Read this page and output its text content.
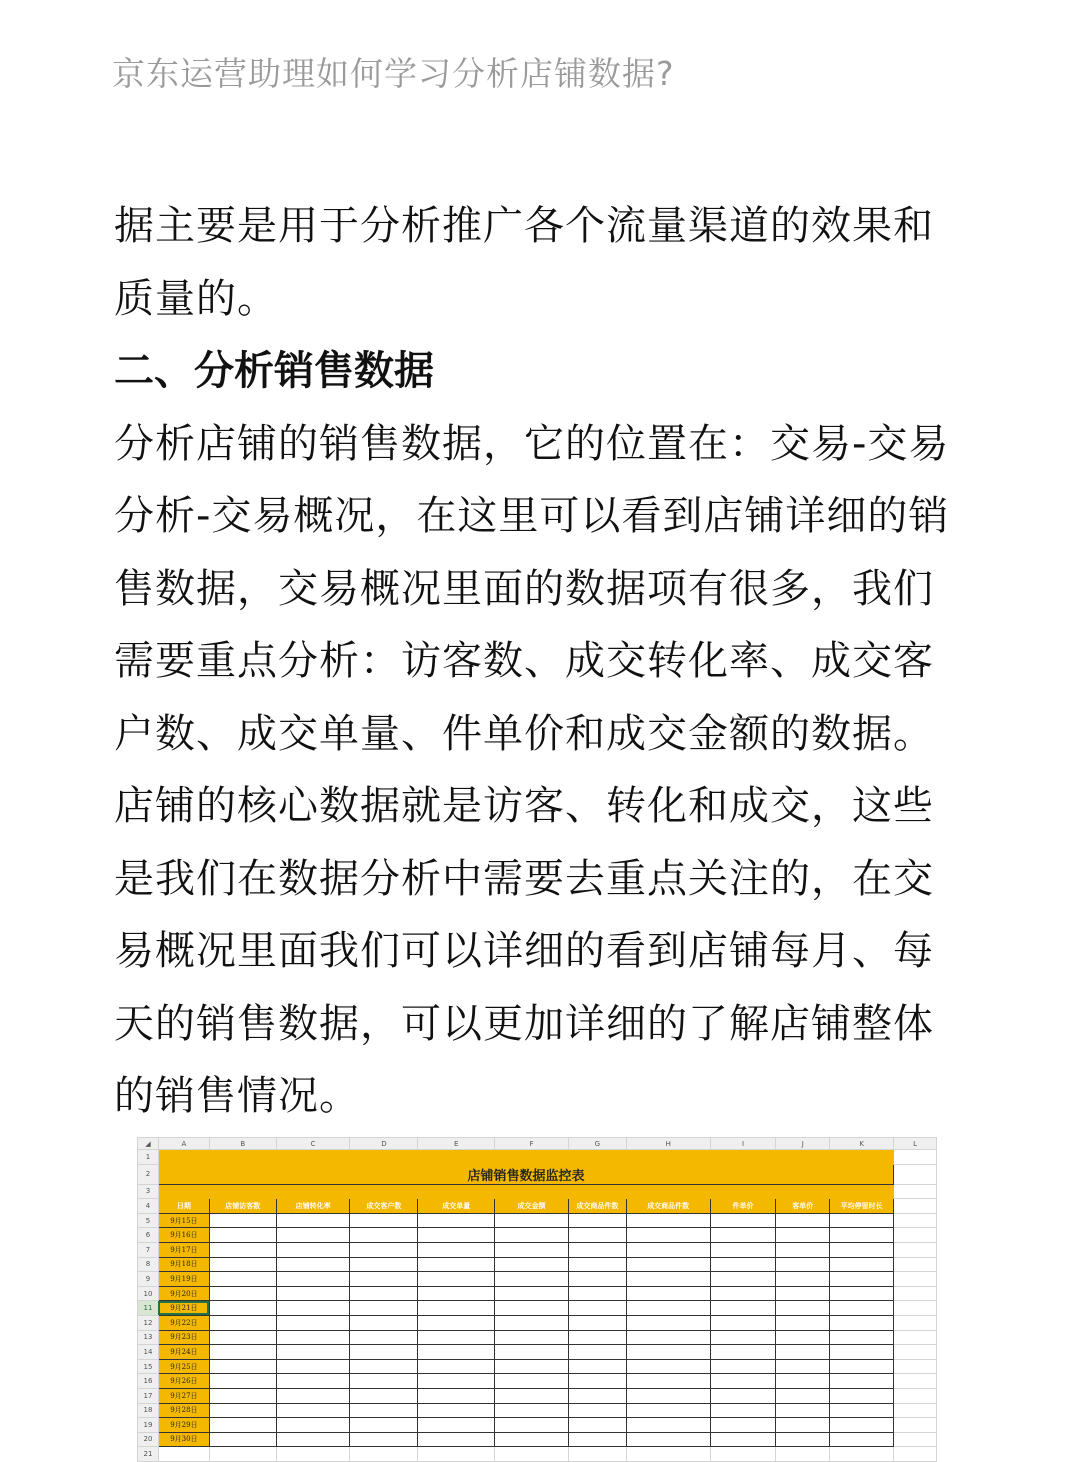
京东运营助理如何学习分析店铺数据?

据主要是用于分析推广各个流量渠道的效果和质量的。

二、分析销售数据

分析店铺的销售数据，它的位置在：交易-交易分析-交易概况，在这里可以看到店铺详细的销售数据，交易概况里面的数据项有很多，我们需要重点分析：访客数、成交转化率、成交客户数、成交单量、件单价和成交金额的数据。店铺的核心数据就是访客、转化和成交，这些是我们在数据分析中需要去重点关注的，在交易概况里面我们可以详细的看到店铺每月、每天的销售数据，可以更加详细的了解店铺整体的销售情况。

◢	A	B	C	D	E	F	G	H	I	J	K	L
1												
2	店铺销售数据监控表											
3												
4	日期	店铺访客数	店铺转化率	成交客户数	成交单量	成交金额	成交商品件数	成交商品件数	件单价	客单价	平均停留时长	
5	9月15日											
6	9月16日											
7	9月17日											
8	9月18日											
9	9月19日											
10	9月20日											
11	9月21日											
12	9月22日											
13	9月23日											
14	9月24日											
15	9月25日											
16	9月26日											
17	9月27日											
18	9月28日											
19	9月29日											
20	9月30日											
21												
